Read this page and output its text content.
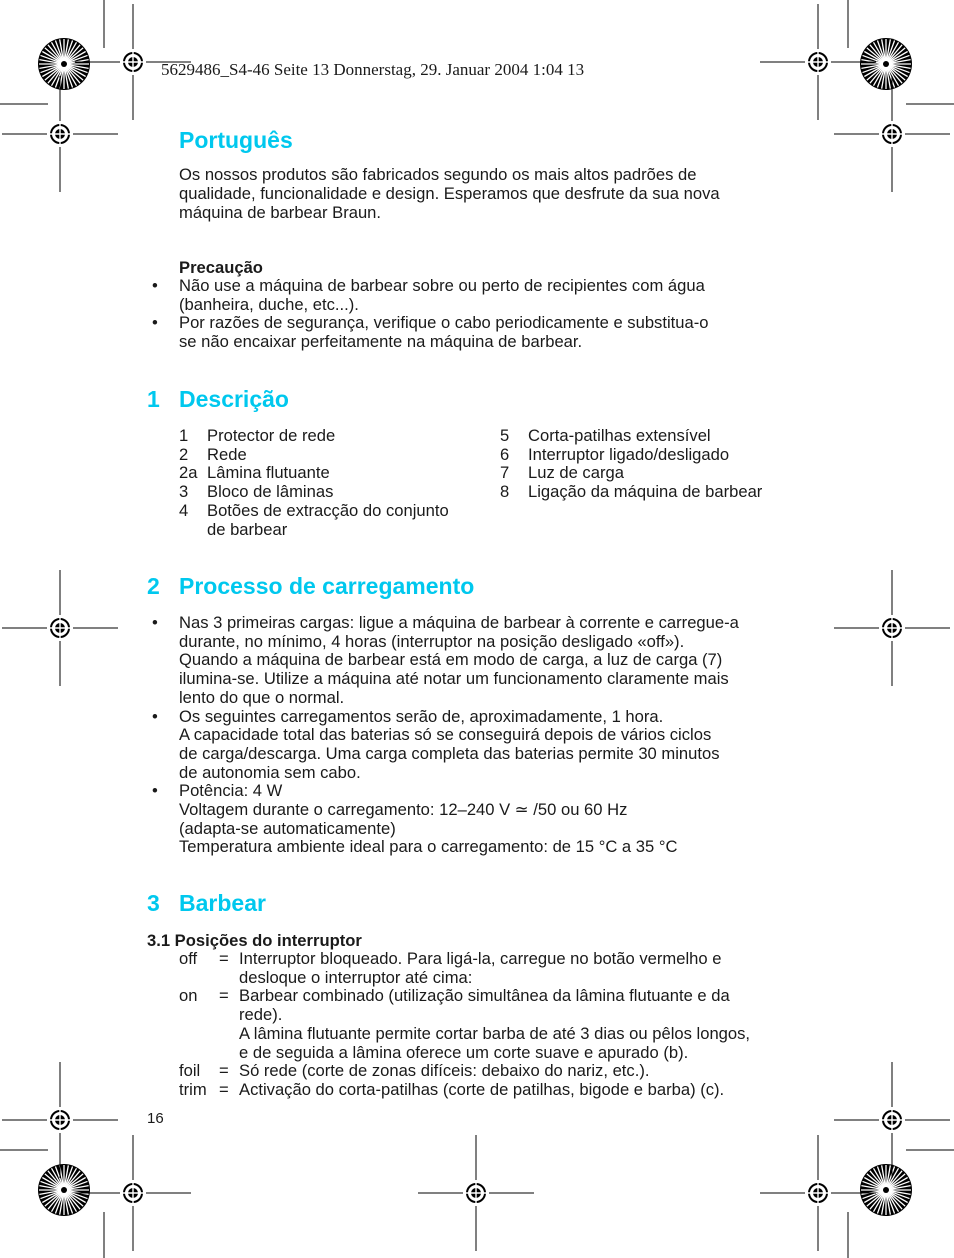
5629486_S4-46 Seite 13 Donnerstag, 29. Januar 2004 1:04 13
Português

Os nossos produtos são fabricados segundo os mais altos padrões de

qualidade, funcionalidade e design. Esperamos que desfrute da sua nova

máquina de barbear Braun.

Precaução
• Não use a máquina de barbear sobre ou perto de recipientes com água

(banheira, duche, etc...).

• Por razões de segurança, verifique o cabo periodicamente e substitua-o

se não encaixar perfeitamente na máquina de barbear.

1 Descrição
1 Protector de rede
2 Rede
2a Lâmina flutuante
3 Bloco de lâminas
4 Botões de extracção do conjunto
de barbear
5 Corta-patilhas extensível
6 Interruptor ligado/desligado
7 Luz de carga
8 Ligação da máquina de barbear
2 Processo de carregamento
• Nas 3 primeiras cargas: ligue a máquina de barbear à corrente e carregue-a

durante, no mínimo, 4 horas (interruptor na posição desligado «off»).

Quando a máquina de barbear está em modo de carga, a luz de carga (7)

ilumina-se. Utilize a máquina até notar um funcionamento claramente mais

lento do que o normal.

• Os seguintes carregamentos serão de, aproximadamente, 1 hora.

A capacidade total das baterias só se conseguirá depois de vários ciclos

de carga/descarga. Uma carga completa das baterias permite 30 minutos

de autonomia sem cabo.

• Potência: 4 W

Voltagem durante o carregamento: 12–240 V ≃ /50 ou 60 Hz

(adapta-se automaticamente)

Temperatura ambiente ideal para o carregamento: de 15 °C a 35 °C

3 Barbear
3.1 Posições do interruptor
off = Interruptor bloqueado. Para ligá-la, carregue no botão vermelho e

desloque o interruptor até cima:

on = Barbear combinado (utilização simultânea da lâmina flutuante e da

rede).

A lâmina flutuante permite cortar barba de até 3 dias ou pêlos longos,

e de seguida a lâmina oferece um corte suave e apurado (b).

foil = Só rede (corte de zonas difíceis: debaixo do nariz, etc.).

trim = Activação do corta-patilhas (corte de patilhas, bigode e barba) (c).

16
